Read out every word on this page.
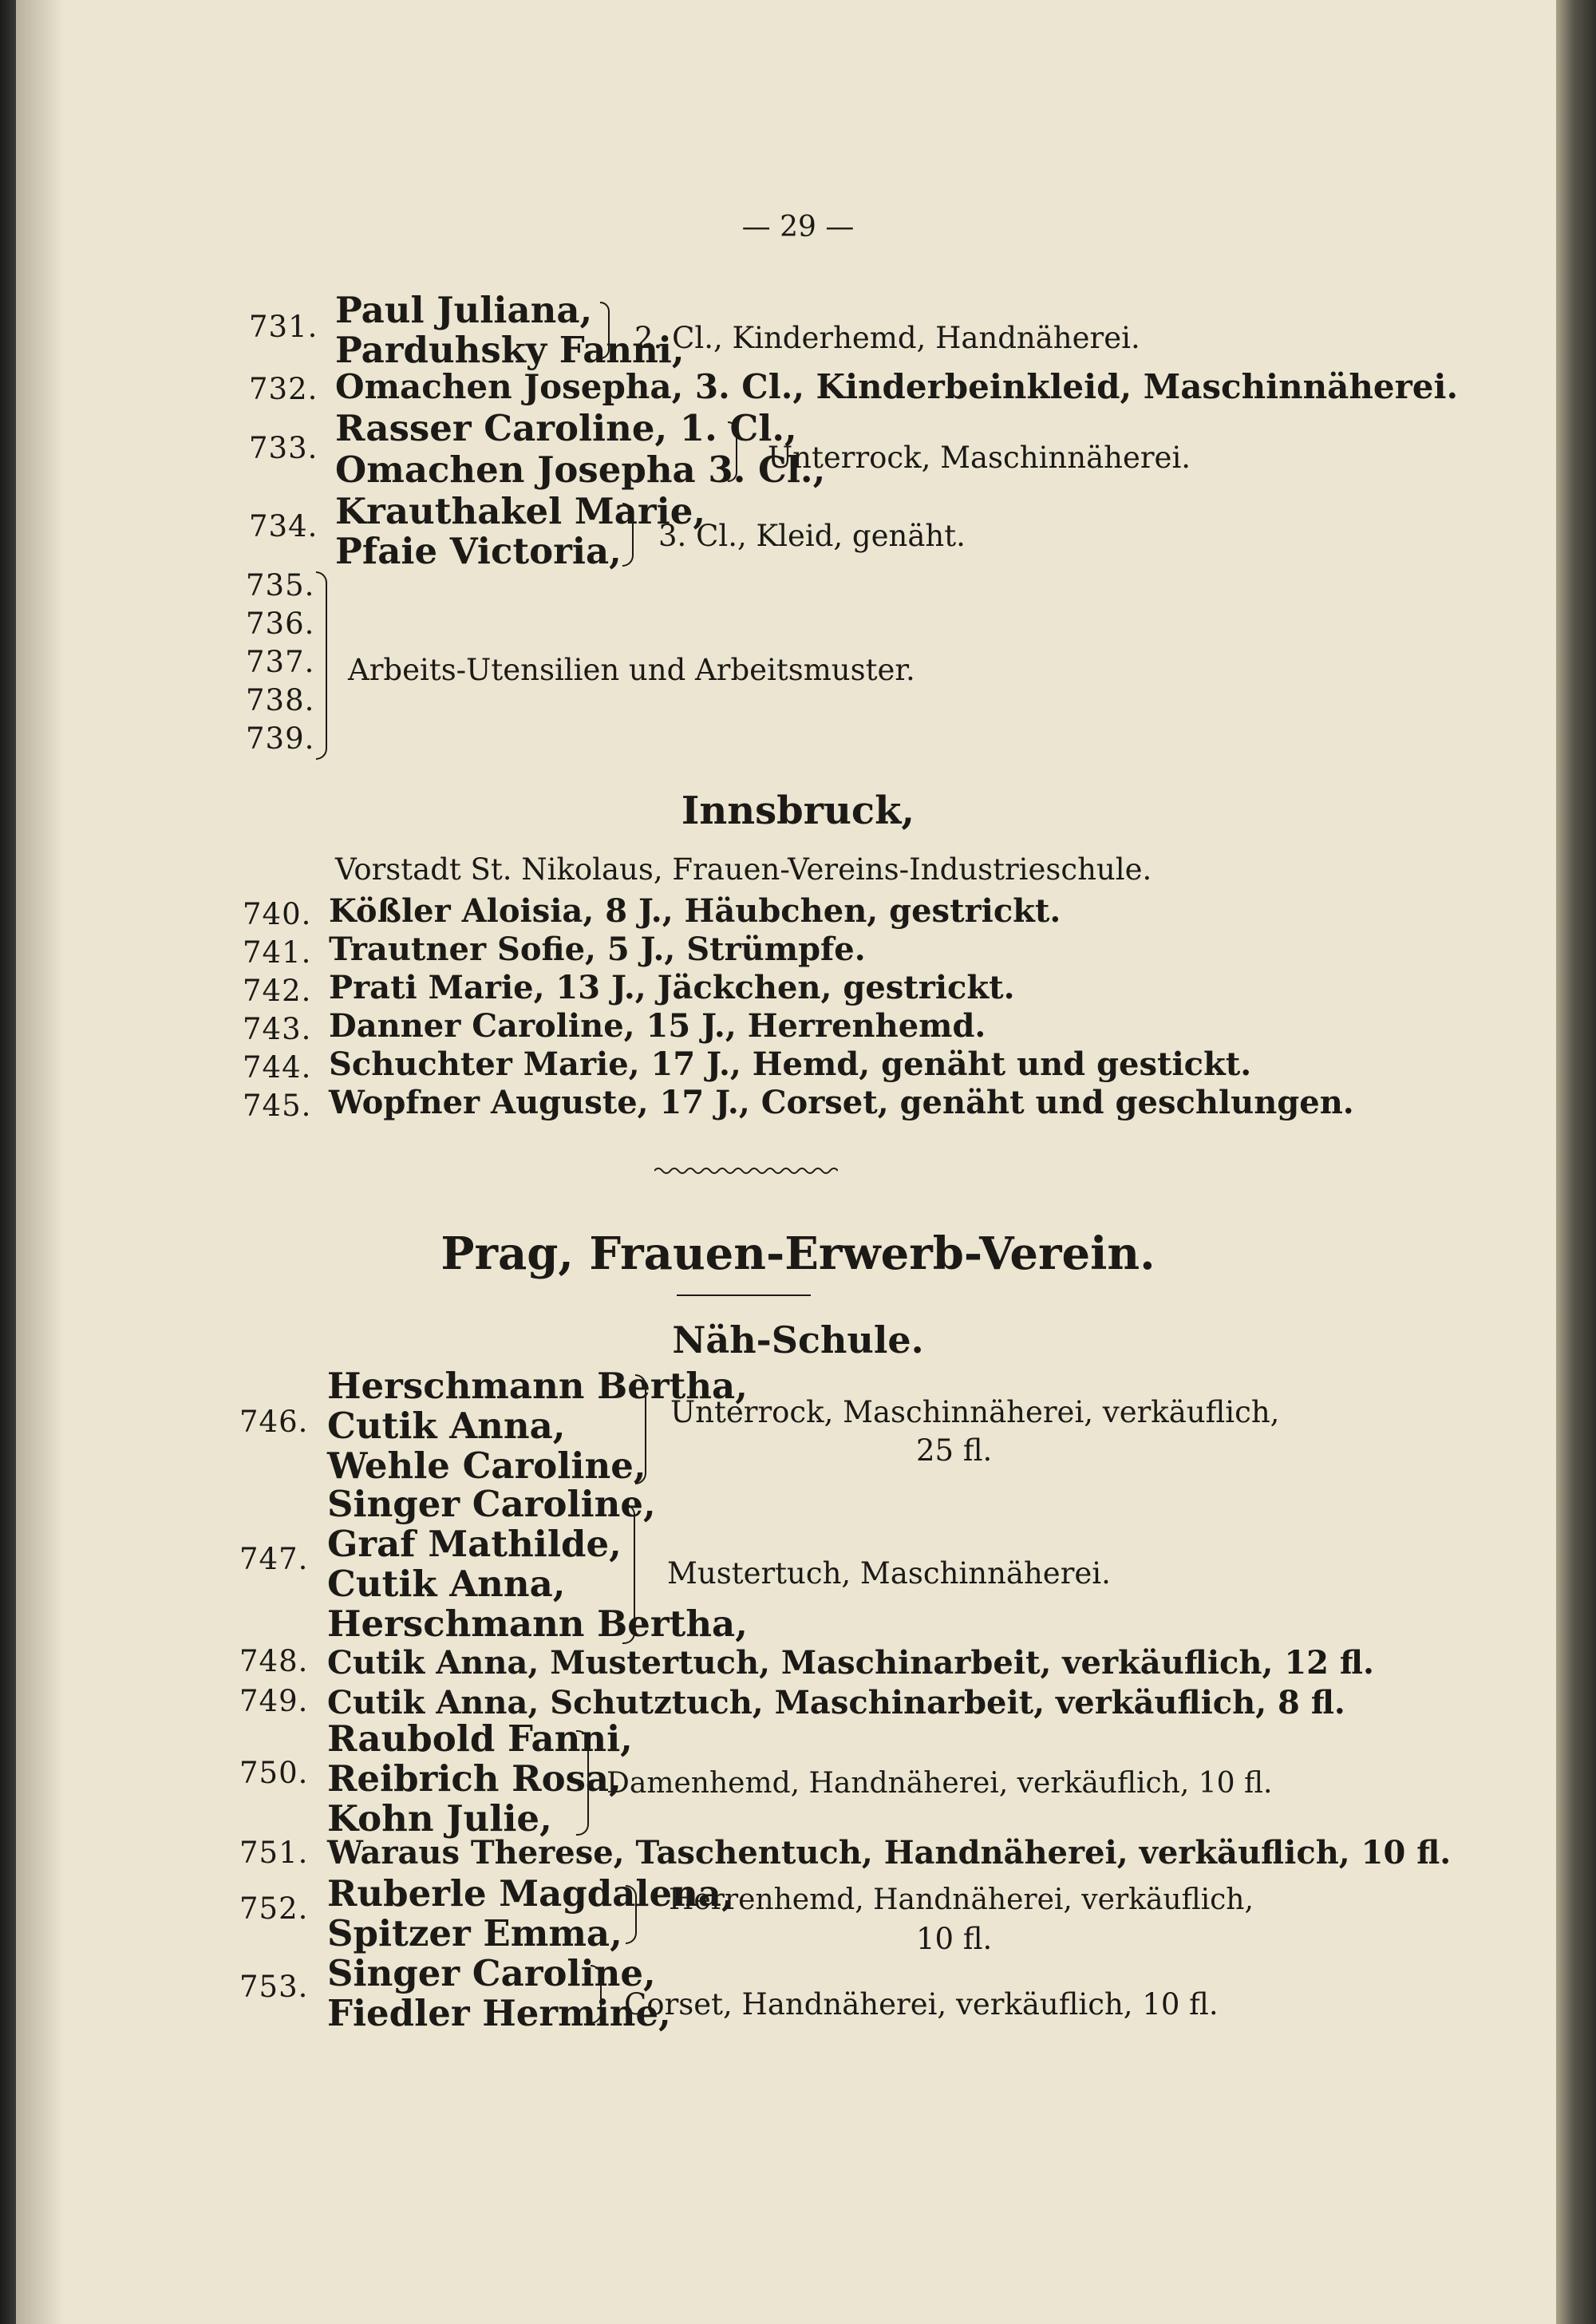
— 29 —
731. Paul Juliana,
Parduhsky Fanni,
2. Cl., Kinderhemd, Handnäherei.
732. Omachen Josepha, 3. Cl., Kinderbeinkleid, Maschinnäherei.
733. Rasser Caroline, 1. Cl.,
Omachen Josepha 3. Cl.,
Unterrock, Maschinnäherei.
734. Krauthakel Marie,
Pfaie Victoria, 3. Cl., Kleid, genäht.
735.
736.
737.
738.
739.
Arbeits-Utensilien und Arbeitsmuster.
Innsbruck,
Vorstadt St. Nikolaus, Frauen-Vereins-Industrieschule.
740. Kößler Aloisia, 8 J., Häubchen, gestrickt.
741. Trautner Sofie, 5 J., Strümpfe.
742. Prati Marie, 13 J., Jäckchen, gestrickt.
743. Danner Caroline, 15 J., Herrenhemd.
744. Schuchter Marie, 17 J., Hemd, genäht und gestickt.
745. Wopfner Auguste, 17 J., Corset, genäht und geschlungen.
Prag, Frauen-Erwerb-Verein.
Näh-Schule.
746.
Herschmann Bertha,
Cutik Anna,
Wehle Caroline,
Unterrock, Maschinnäherei, verkäuflich,
25 fl.
747.
Singer Caroline,
Graf Mathilde,
Cutik Anna,
Herschmann Bertha,
Mustertuch, Maschinnäherei.
748. Cutik Anna, Mustertuch, Maschinarbeit, verkäuflich, 12 fl.
749. Cutik Anna, Schutztuch, Maschinarbeit, verkäuflich, 8 fl.
750.
Raubold Fanni,
Reibrich Rosa,
Kohn Julie,
Damenhemd, Handnäherei, verkäuflich, 10 fl.
751. Waraus Therese, Taschentuch, Handnäherei, verkäuflich, 10 fl.
752. Ruberle Magdalena,
Spitzer Emma,
Herrenhemd, Handnäherei, verkäuflich,
10 fl.
753. Singer Caroline,
Fiedler Hermine,
Corset, Handnäherei, verkäuflich, 10 fl.
